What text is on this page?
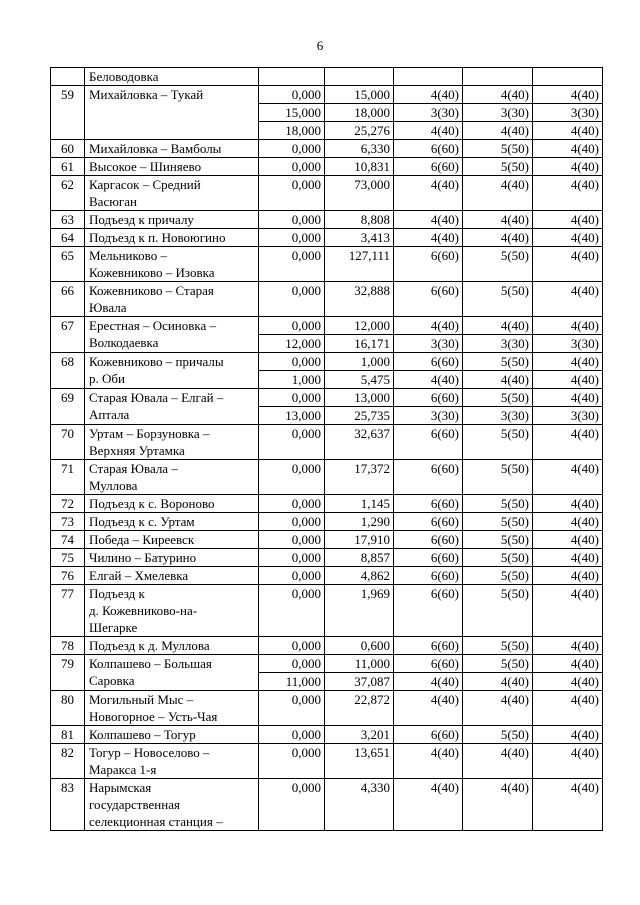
6
	Беловодовка					
59	Михайловка – Тукай	0,000	15,000	4(40)	4(40)	4(40)
		15,000	18,000	3(30)	3(30)	3(30)
		18,000	25,276	4(40)	4(40)	4(40)
60	Михайловка – Вамболы	0,000	6,330	6(60)	5(50)	4(40)
61	Высокое – Шиняево	0,000	10,831	6(60)	5(50)	4(40)
62	Каргасок – Средний
Васюган	0,000	73,000	4(40)	4(40)	4(40)
63	Подъезд к причалу	0,000	8,808	4(40)	4(40)	4(40)
64	Подъезд к п. Новоюгино	0,000	3,413	4(40)	4(40)	4(40)
65	Мельниково –
Кожевниково – Изовка	0,000	127,111	6(60)	5(50)	4(40)
66	Кожевниково – Старая
Ювала	0,000	32,888	6(60)	5(50)	4(40)
67	Ерестная – Осиновка –
Волкодаевка	0,000	12,000	4(40)	4(40)	4(40)
		12,000	16,171	3(30)	3(30)	3(30)
68	Кожевниково – причалы
р. Оби	0,000	1,000	6(60)	5(50)	4(40)
		1,000	5,475	4(40)	4(40)	4(40)
69	Старая Ювала – Елгай –
Аптала	0,000	13,000	6(60)	5(50)	4(40)
		13,000	25,735	3(30)	3(30)	3(30)
70	Уртам – Борзуновка –
Верхняя Уртамка	0,000	32,637	6(60)	5(50)	4(40)
71	Старая Ювала –
Муллова	0,000	17,372	6(60)	5(50)	4(40)
72	Подъезд к с. Вороново	0,000	1,145	6(60)	5(50)	4(40)
73	Подъезд к с. Уртам	0,000	1,290	6(60)	5(50)	4(40)
74	Победа – Киреевск	0,000	17,910	6(60)	5(50)	4(40)
75	Чилино – Батурино	0,000	8,857	6(60)	5(50)	4(40)
76	Елгай – Хмелевка	0,000	4,862	6(60)	5(50)	4(40)
77	Подъезд к
д. Кожевниково-на-
Шегарке	0,000	1,969	6(60)	5(50)	4(40)
78	Подъезд к д. Муллова	0,000	0,600	6(60)	5(50)	4(40)
79	Колпашево – Большая
Саровка	0,000	11,000	6(60)	5(50)	4(40)
		11,000	37,087	4(40)	4(40)	4(40)
80	Могильный Мыс –
Новогорное – Усть-Чая	0,000	22,872	4(40)	4(40)	4(40)
81	Колпашево – Тогур	0,000	3,201	6(60)	5(50)	4(40)
82	Тогур – Новоселово –
Маракса 1-я	0,000	13,651	4(40)	4(40)	4(40)
83	Нарымская
государственная
селекционная станция –	0,000	4,330	4(40)	4(40)	4(40)
